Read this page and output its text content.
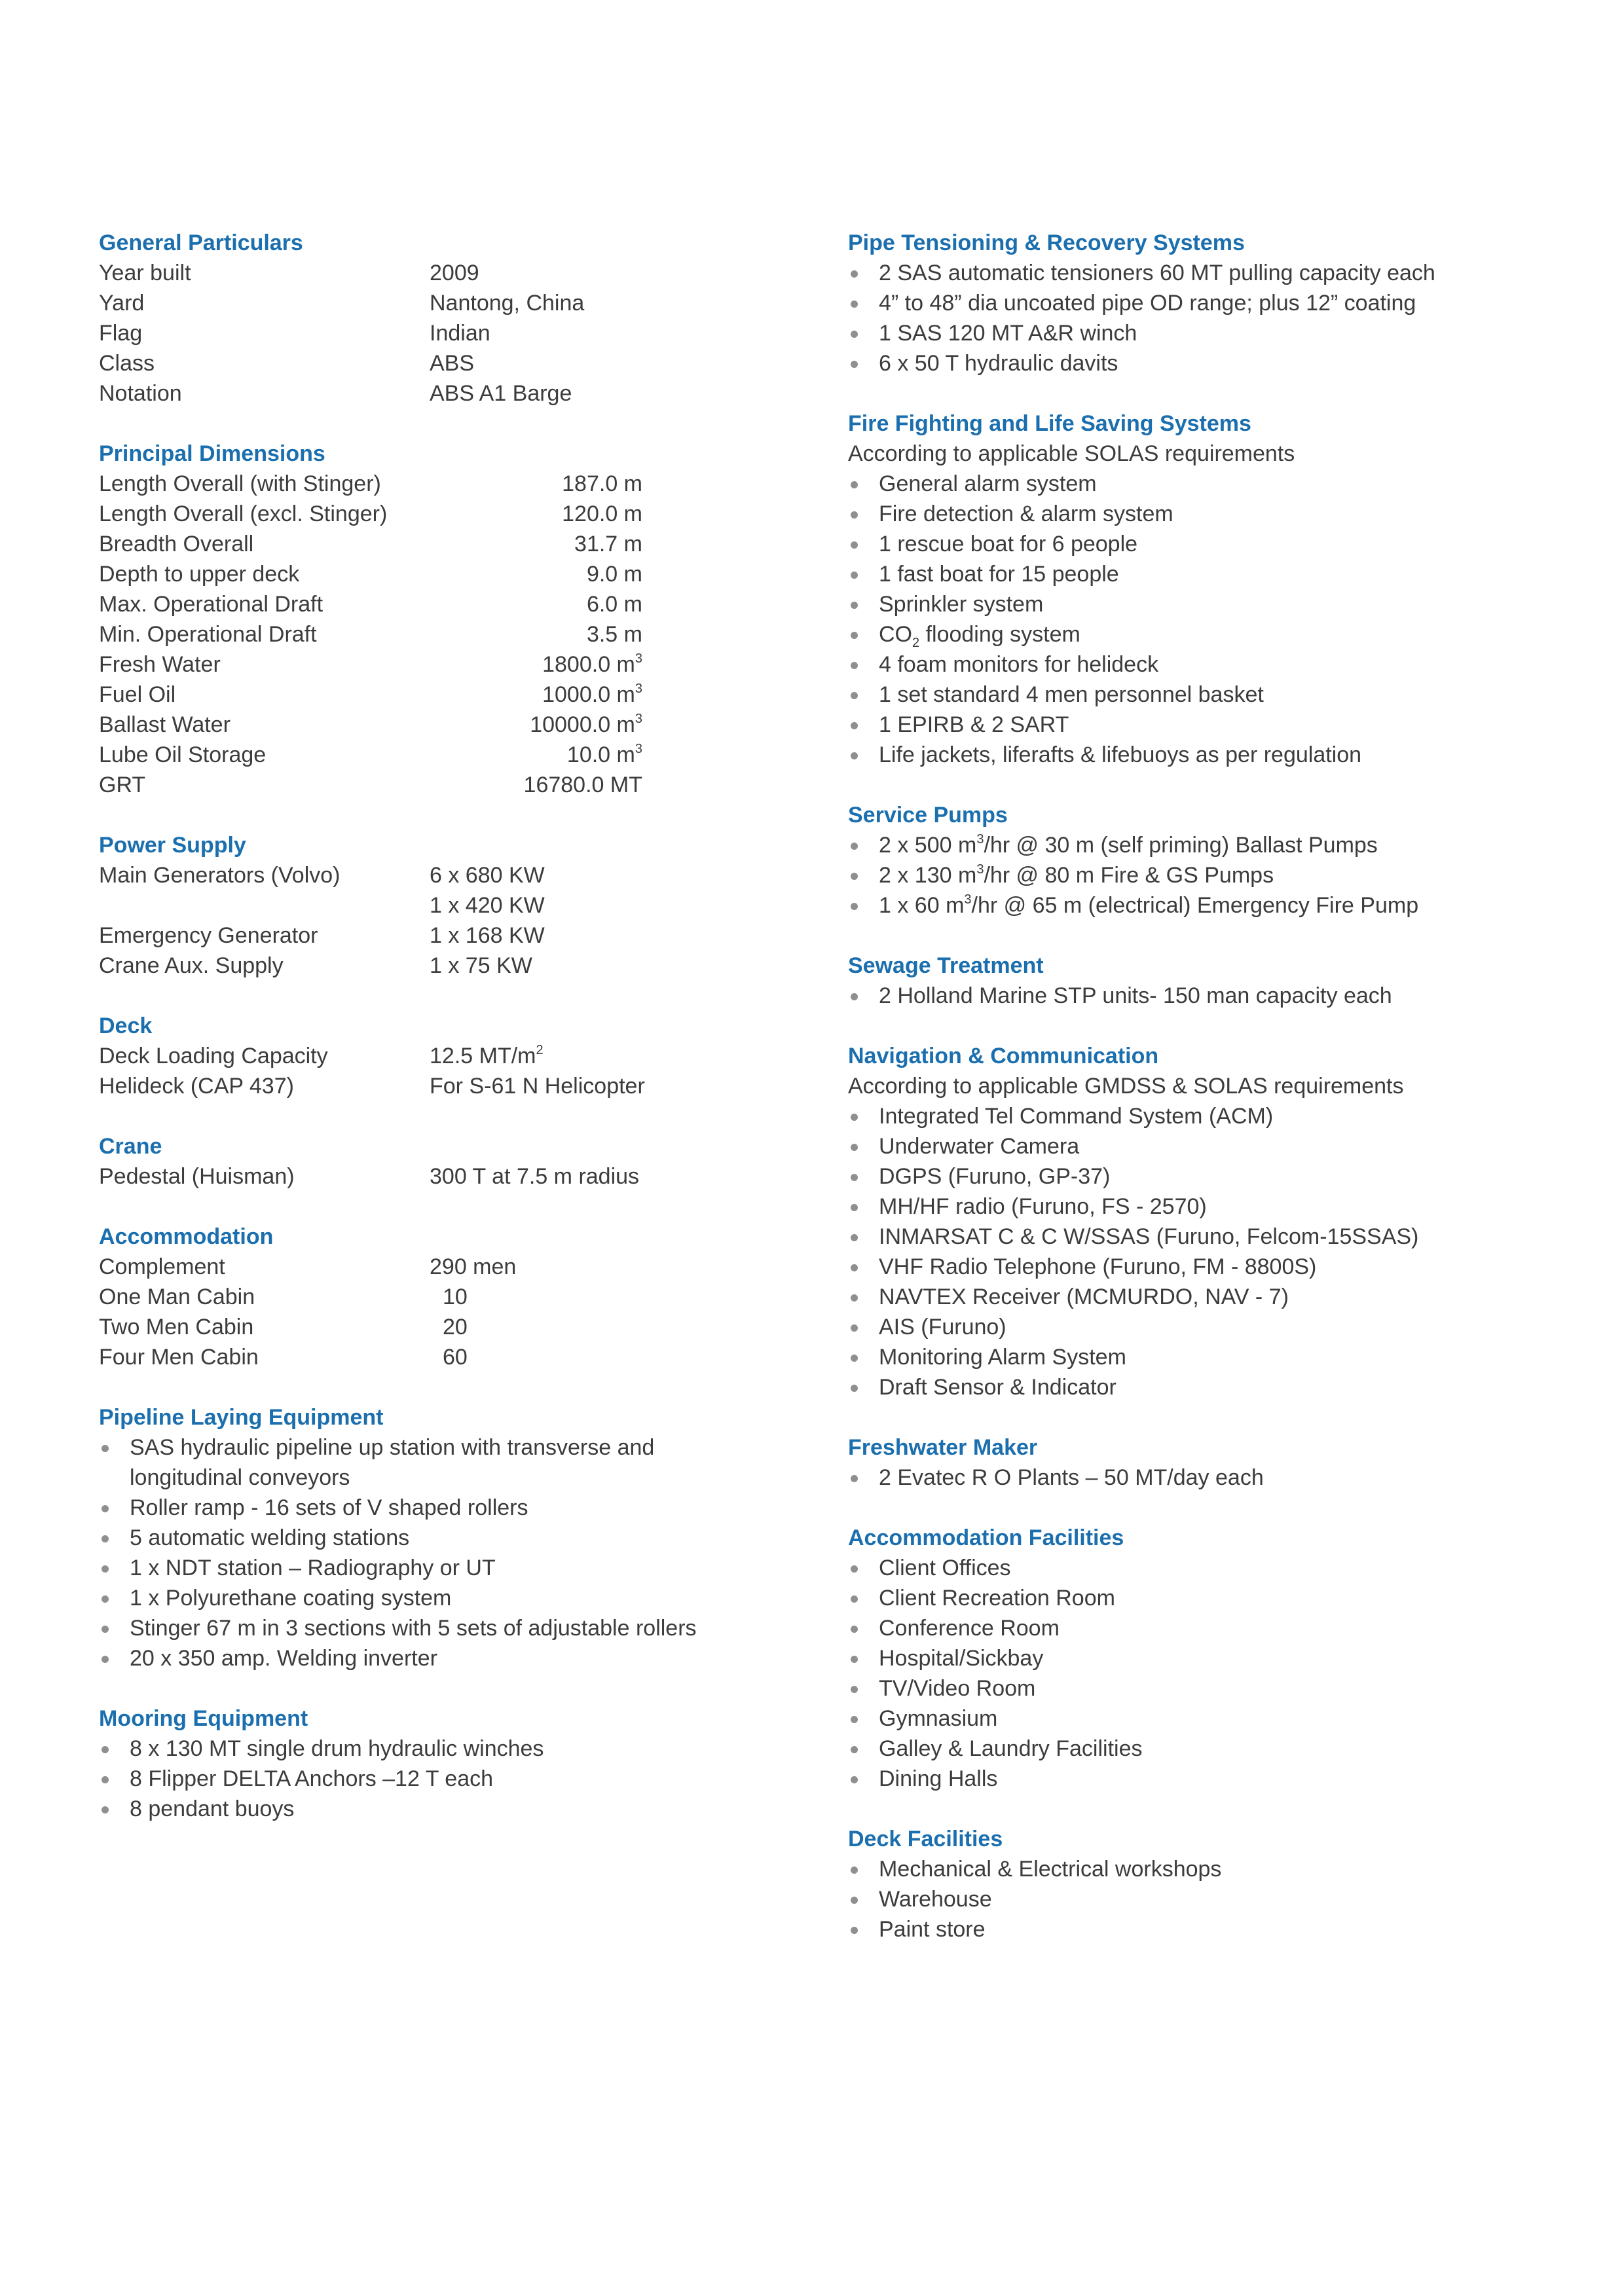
General Particulars
Year built	2009
Yard	Nantong, China
Flag	Indian
Class	ABS
Notation	ABS A1 Barge
Principal Dimensions
Length Overall (with Stinger)	187.0 m
Length Overall (excl. Stinger)	120.0 m
Breadth Overall	31.7 m
Depth to upper deck	9.0 m
Max. Operational Draft	6.0 m
Min. Operational Draft	3.5 m
Fresh Water	1800.0 $m^3$
Fuel Oil	1000.0 $m^3$
Ballast Water	10000.0 $m^3$
Lube Oil Storage	10.0 $m^3$
GRT	16780.0 MT
Power Supply
Main Generators (Volvo)	6 x 680 KW
1 x 420 KW
Emergency Generator	1 x 168 KW
Crane Aux. Supply	1 x 75 KW
Deck
Deck Loading Capacity	12.5 $MT/m^2$
Helideck (CAP 437)	For S-61 N Helicopter
Crane
Pedestal (Huisman)	300 T at 7.5 m radius
Accommodation
Complement	290 men
One Man Cabin	10
Two Men Cabin	20
Four Men Cabin	60
Pipeline Laying Equipment
SAS hydraulic pipeline up station with transverse and longitudinal conveyors
Roller ramp - 16 sets of V shaped rollers
5 automatic welding stations
1 x NDT station – Radiography or UT
1 x Polyurethane coating system
Stinger 67 m in 3 sections with 5 sets of adjustable rollers
20 x 350 amp. Welding inverter
Mooring Equipment
8 x 130 MT single drum hydraulic winches
8 Flipper DELTA Anchors –12 T each
8 pendant buoys
Pipe Tensioning & Recovery Systems
2 SAS automatic tensioners 60 MT pulling capacity each
4” to 48” dia uncoated pipe OD range; plus 12” coating
1 SAS 120 MT A&R winch
6 x 50 T hydraulic davits
Fire Fighting and Life Saving Systems
According to applicable SOLAS requirements
General alarm system
Fire detection & alarm system
1 rescue boat for 6 people
1 fast boat for 15 people
Sprinkler system
$CO_2$ flooding system
4 foam monitors for helideck
1 set standard 4 men personnel basket
1 EPIRB & 2 SART
Life jackets, liferafts & lifebuoys as per regulation
Service Pumps
2 x 500 $m^3/hr$ @ 30 m (self priming) Ballast Pumps
2 x 130 $m^3/hr$ @ 80 m Fire & GS Pumps
1 x 60 $m^3/hr$ @ 65 m (electrical) Emergency Fire Pump
Sewage Treatment
2 Holland Marine STP units- 150 man capacity each
Navigation & Communication
According to applicable GMDSS & SOLAS requirements
Integrated Tel Command System (ACM)
Underwater Camera
DGPS (Furuno, GP-37)
MH/HF radio (Furuno, FS - 2570)
INMARSAT C & C W/SSAS (Furuno, Felcom-15SSAS)
VHF Radio Telephone (Furuno, FM - 8800S)
NAVTEX Receiver (MCMURDO, NAV - 7)
AIS (Furuno)
Monitoring Alarm System
Draft Sensor & Indicator
Freshwater Maker
2 Evatec R O Plants – 50 MT/day each
Accommodation Facilities
Client Offices
Client Recreation Room
Conference Room
Hospital/Sickbay
TV/Video Room
Gymnasium
Galley & Laundry Facilities
Dining Halls
Deck Facilities
Mechanical & Electrical workshops
Warehouse
Paint store
